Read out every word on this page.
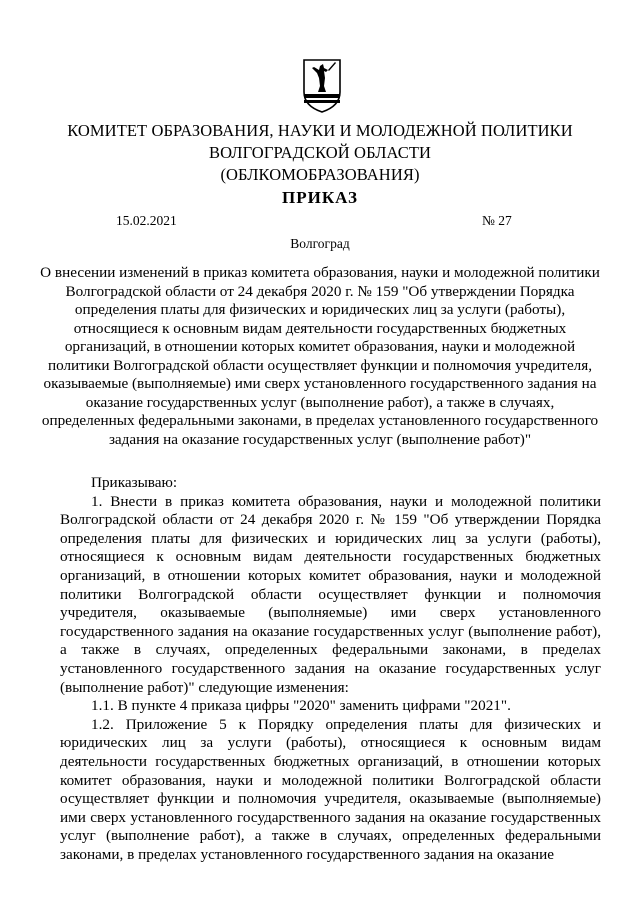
КОМИТЕТ ОБРАЗОВАНИЯ, НАУКИ И МОЛОДЕЖНОЙ ПОЛИТИКИ
ВОЛГОГРАДСКОЙ ОБЛАСТИ
(ОБЛКОМОБРАЗОВАНИЯ)
ПРИКАЗ
15.02.2021	№ 27
Волгоград
О внесении изменений в приказ комитета образования, науки и молодежной политики Волгоградской области от 24 декабря 2020 г. № 159 "Об утверждении Порядка определения платы для физических и юридических лиц за услуги (работы), относящиеся к основным видам деятельности государственных бюджетных организаций, в отношении которых комитет образования, науки и молодежной политики Волгоградской области осуществляет функции и полномочия учредителя, оказываемые (выполняемые) ими сверх установленного государственного задания на оказание государственных услуг (выполнение работ), а также в случаях, определенных федеральными законами, в пределах установленного государственного задания на оказание государственных услуг (выполнение работ)"

Приказываю:

1. Внести в приказ комитета образования, науки и молодежной политики Волгоградской области от 24 декабря 2020 г. № 159 "Об утверждении Порядка определения платы для физических и юридических лиц за услуги (работы), относящиеся к основным видам деятельности государственных бюджетных организаций, в отношении которых комитет образования, науки и молодежной политики Волгоградской области осуществляет функции и полномочия учредителя, оказываемые (выполняемые) ими сверх установленного государственного задания на оказание государственных услуг (выполнение работ), а также в случаях, определенных федеральными законами, в пределах установленного государственного задания на оказание государственных услуг (выполнение работ)" следующие изменения:

1.1. В пункте 4 приказа цифры "2020" заменить цифрами "2021".

1.2. Приложение 5 к Порядку определения платы для физических и юридических лиц за услуги (работы), относящиеся к основным видам деятельности государственных бюджетных организаций, в отношении которых комитет образования, науки и молодежной политики Волгоградской области осуществляет функции и полномочия учредителя, оказываемые (выполняемые) ими сверх установленного государственного задания на оказание государственных услуг (выполнение работ), а также в случаях, определенных федеральными законами, в пределах установленного государственного задания на оказание
